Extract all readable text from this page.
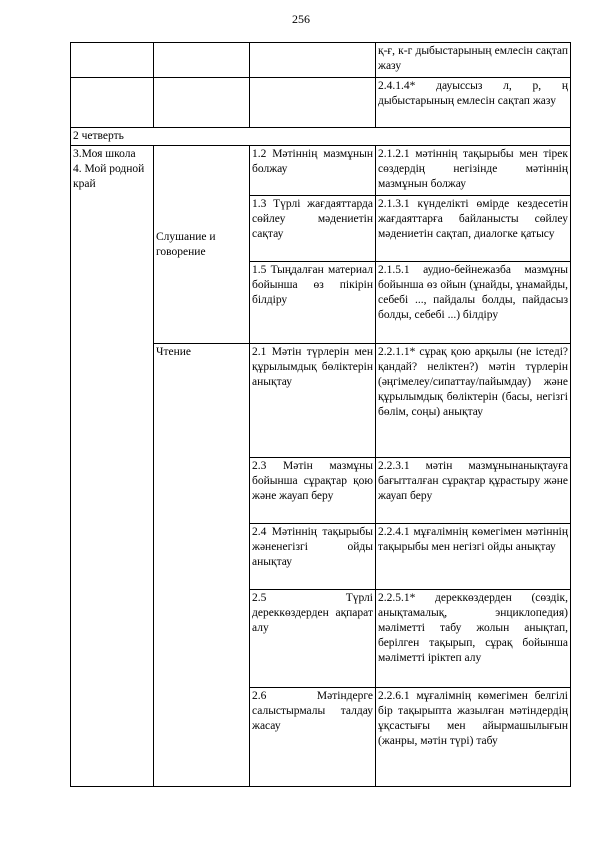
256
			қ-ғ, к-г дыбыстарының емлесін сақтап жазу
			2.4.1.4* дауыссыз л, р, ң дыбыстарының емлесін сақтап жазу
2 четверть			
3.Моя школа
4. Мой родной край	Слушание и говорение	1.2 Мәтіннің мазмұнын болжау	2.1.2.1 мәтіннің тақырыбы мен тірек сөздердің негізінде мәтіннің мазмұнын болжау
		1.3 Түрлі жағдаяттарда сөйлеу мәдениетін сақтау	2.1.3.1 күнделікті өмірде кездесетін жағдаяттарға байланысты сөйлеу мәдениетін сақтап, диалогке қатысу
		1.5 Тыңдалған материал бойынша өз пікірін білдіру	2.1.5.1 аудио-бейнежазба мазмұны бойынша өз ойын (ұнайды, ұнамайды, себебі ..., пайдалы болды, пайдасыз болды, себебі ...) білдіру
	Чтение	2.1 Мәтін түрлерін мен құрылымдық бөліктерін анықтау	2.2.1.1* сұрақ қою арқылы (не істеді? қандай? неліктен?) мәтін түрлерін (әңгімелеу/сипаттау/пайымдау) және құрылымдық бөліктерін (басы, негізгі бөлім, соңы) анықтау
		2.3 Мәтін мазмұны бойынша сұрақтар қою және жауап беру	2.2.3.1 мәтін мазмұнынанықтауға бағытталған сұрақтар құрастыру және жауап беру
		2.4 Мәтіннің тақырыбы жәненегізгі ойды анықтау	2.2.4.1 мұғалімнің көмегімен мәтіннің тақырыбы мен негізгі ойды анықтау
		2.5 Түрлі дереккөздерден ақпарат алу	2.2.5.1* дереккөздерден (сөздік, анықтамалық, энциклопедия) мәліметті табу жолын анықтап, берілген тақырып, сұрақ бойынша мәліметті іріктеп алу
		2.6 Мәтіндерге салыстырмалы талдау жасау	2.2.6.1 мұғалімнің көмегімен белгілі бір тақырыпта жазылған мәтіндердің ұқсастығы мен айырмашылығын (жанры, мәтін түрі) табу
